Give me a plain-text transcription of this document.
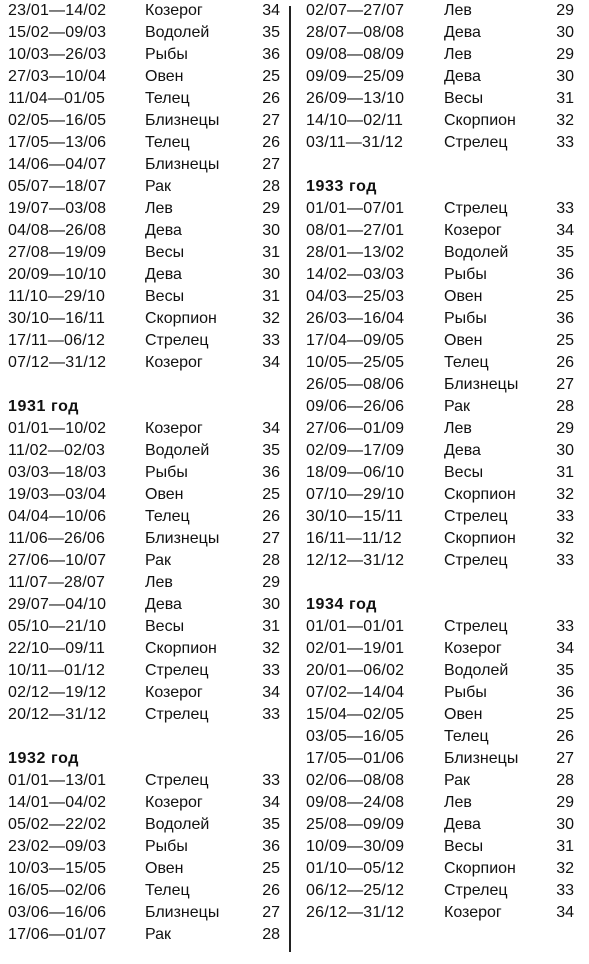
23/01—14/02 Козерог	34
15/02—09/03 Водолей	35
10/03—26/03 Рыбы	36
27/03—10/04 Овен	25
11/04—01/05 Телец	26
02/05—16/05 Близнецы	27
17/05—13/06 Телец	26
14/06—04/07 Близнецы	27
05/07—18/07 Рак	28
19/07—03/08 Лев	29
04/08—26/08 Дева	30
27/08—19/09 Весы	31
20/09—10/10 Дева	30
11/10—29/10 Весы	31
30/10—16/11 Скорпион	32
17/11—06/12 Стрелец	33
07/12—31/12 Козерог	34
1931 год
01/01—10/02 Козерог	34
11/02—02/03 Водолей	35
03/03—18/03 Рыбы	36
19/03—03/04 Овен	25
04/04—10/06 Телец	26
11/06—26/06 Близнецы	27
27/06—10/07 Рак	28
11/07—28/07 Лев	29
29/07—04/10 Дева	30
05/10—21/10 Весы	31
22/10—09/11 Скорпион	32
10/11—01/12 Стрелец	33
02/12—19/12 Козерог	34
20/12—31/12 Стрелец	33
1932 год
01/01—13/01 Стрелец	33
14/01—04/02 Козерог	34
05/02—22/02 Водолей	35
23/02—09/03 Рыбы	36
10/03—15/05 Овен	25
16/05—02/06 Телец	26
03/06—16/06 Близнецы	27
17/06—01/07 Рак	28
02/07—27/07 Лев	29
28/07—08/08 Дева	30
09/08—08/09 Лев	29
09/09—25/09 Дева	30
26/09—13/10 Весы	31
14/10—02/11	Скорпион	32
03/11—31/12	Стрелец	33
1933 год
01/01—07/01 Стрелец	33
08/01—27/01 Козерог	34
28/01—13/02 Водолей	35
14/02—03/03 Рыбы	36
04/03—25/03 Овен	25
26/03—16/04 Рыбы	36
17/04—09/05 Овен	25
10/05—25/05 Телец	26
26/05—08/06 Близнецы 27
09/06—26/06 Рак	28
27/06—01/09 Лев	29
02/09—17/09 Дева	30
18/09—06/10 Весы	31
07/10—29/10 Скорпион	32
30/10—15/11	Стрелец	33
16/11—11/12	Скорпион	32
12/12—31/12 Стрелец	33
1934 год
01/01—01/01 Стрелец	33
02/01—19/01 Козерог	34
20/01—06/02 Водолей	35
07/02—14/04 Рыбы	36
15/04—02/05 Овен	25
03/05—16/05 Телец	26
17/05—01/06 Близнецы 27
02/06—08/08 Рак	28
09/08—24/08 Лев	29
25/08—09/09 Дева	30
10/09—30/09 Весы	31
01/10—05/12 Скорпион	32
06/12—25/12 Стрелец	33
26/12—31/12 Козерог	34
